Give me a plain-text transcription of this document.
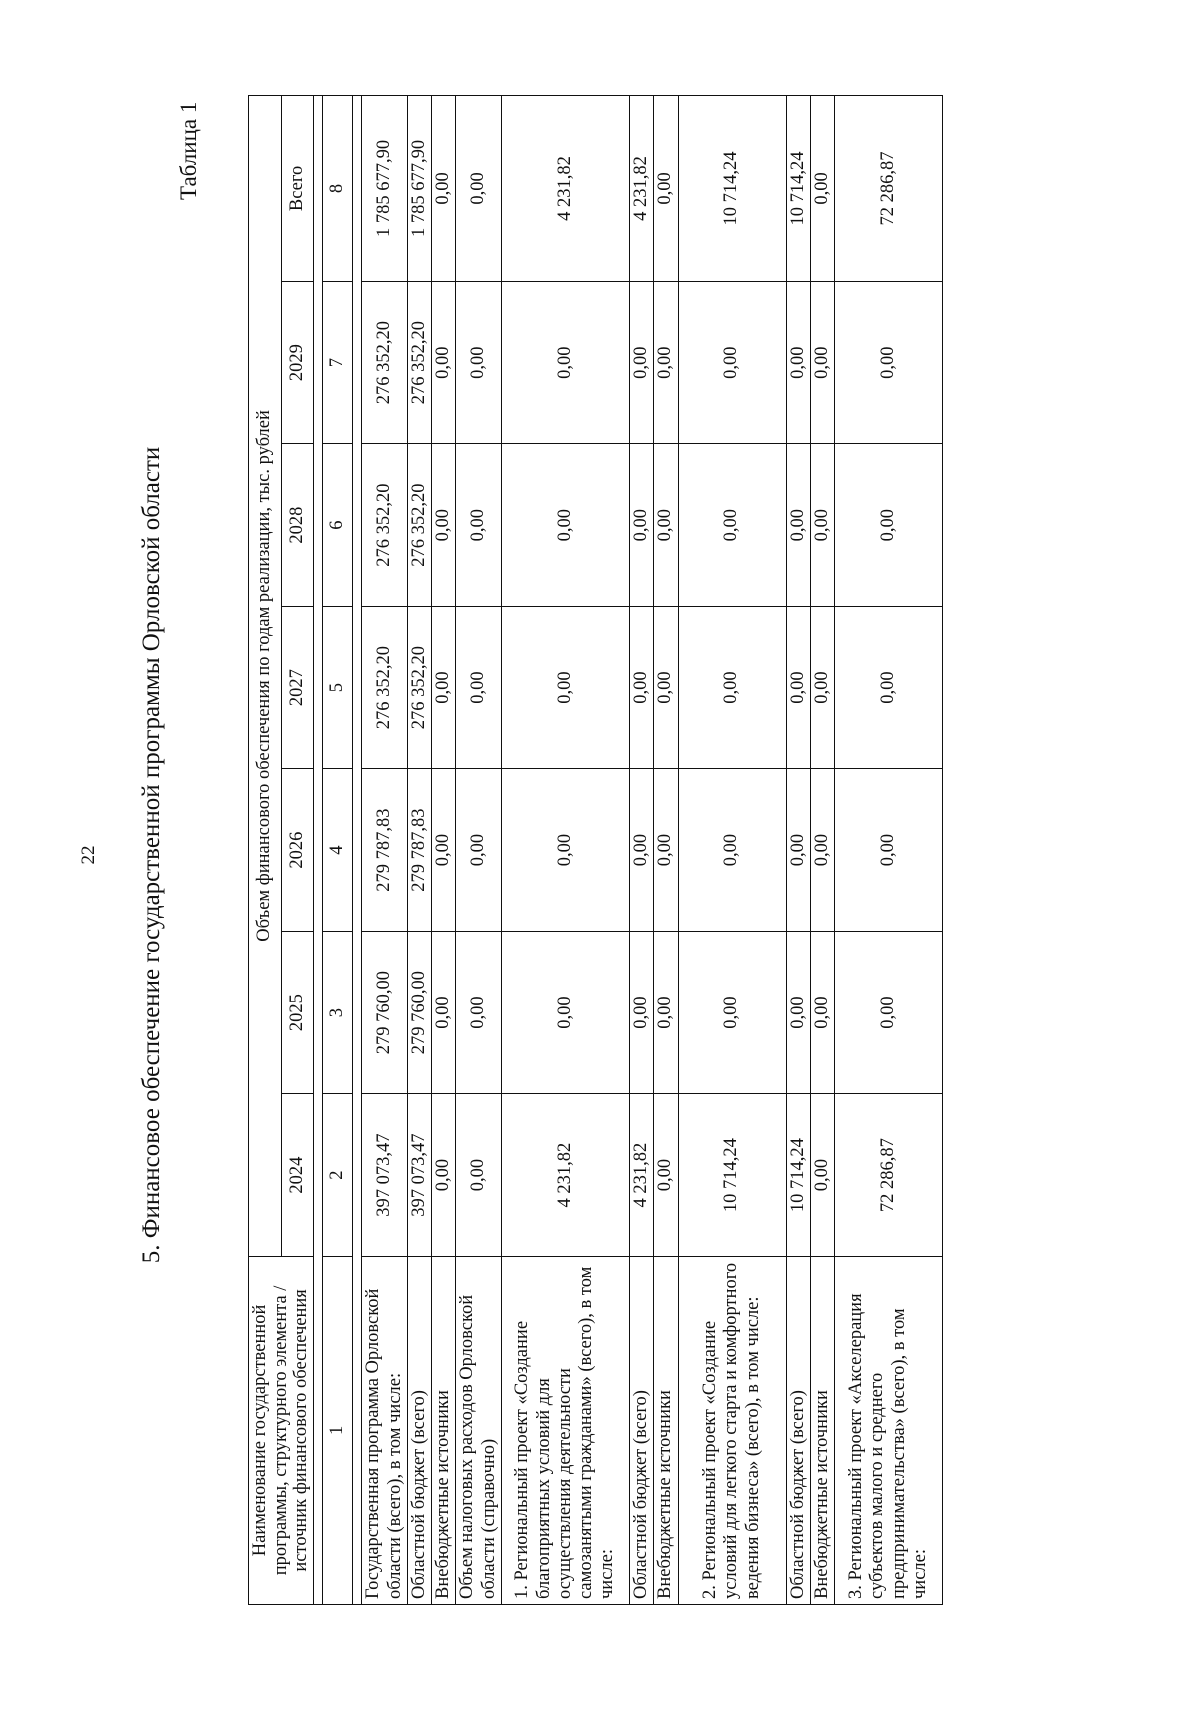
22 5. Финансовое обеспечение государственной программы Орловской области
Таблица 1
Наименование государственной программы, структурного элемента / источник финансового обеспечения	Объем финансового обеспечения по годам реализации, тыс. рублей						
	2024	2025	2026	2027	2028	2029	Всего

1	2	3	4	5	6	7	8

Государственная программа Орловской области (всего), в том числе:	397 073,47	279 760,00	279 787,83	276 352,20	276 352,20	276 352,20	1 785 677,90
Областной бюджет (всего)	397 073,47	279 760,00	279 787,83	276 352,20	276 352,20	276 352,20	1 785 677,90
Внебюджетные источники	0,00	0,00	0,00	0,00	0,00	0,00	0,00
Объем налоговых расходов Орловской области (справочно)	0,00	0,00	0,00	0,00	0,00	0,00	0,00
1. Региональный проект «Создание благоприятных условий для осуществления деятельности самозанятыми гражданами» (всего), в том числе:	4 231,82	0,00	0,00	0,00	0,00	0,00	4 231,82
Областной бюджет (всего)	4 231,82	0,00	0,00	0,00	0,00	0,00	4 231,82
Внебюджетные источники	0,00	0,00	0,00	0,00	0,00	0,00	0,00
2. Региональный проект «Создание условий для легкого старта и комфортного ведения бизнеса» (всего), в том числе:	10 714,24	0,00	0,00	0,00	0,00	0,00	10 714,24
Областной бюджет (всего)	10 714,24	0,00	0,00	0,00	0,00	0,00	10 714,24
Внебюджетные источники	0,00	0,00	0,00	0,00	0,00	0,00	0,00
3. Региональный проект «Акселерация субъектов малого и среднего предпринимательства» (всего), в том числе:	72 286,87	0,00	0,00	0,00	0,00	0,00	72 286,87
